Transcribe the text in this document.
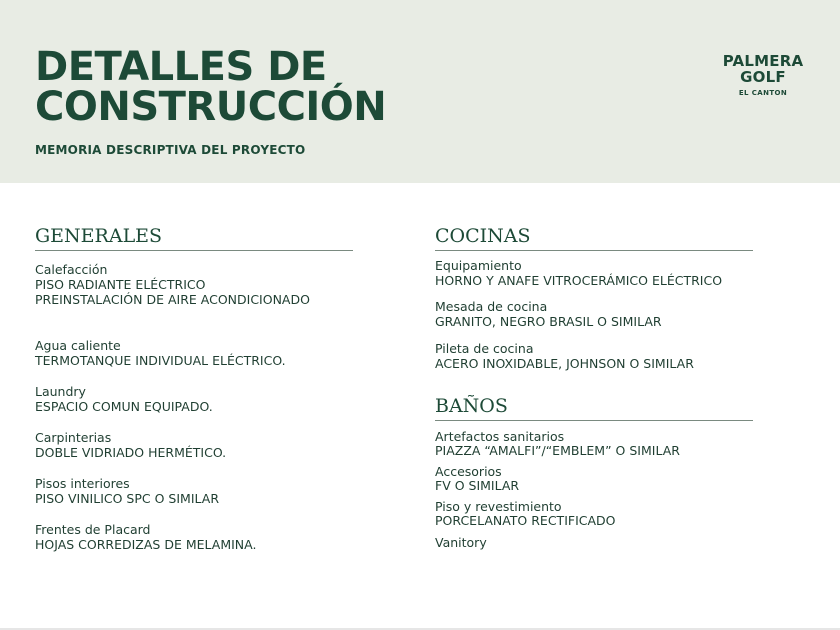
DETALLES DE
CONSTRUCCIÓN
MEMORIA DESCRIPTIVA DEL PROYECTO
PALMERA
GOLF
EL CANTON
GENERALES
Calefacción
PISO RADIANTE ELÉCTRICO
PREINSTALACIÓN DE AIRE ACONDICIONADO
Agua caliente
TERMOTANQUE INDIVIDUAL ELÉCTRICO.
Laundry
ESPACIO COMUN EQUIPADO.
Carpinterias
DOBLE VIDRIADO HERMÉTICO.
Pisos interiores
PISO VINILICO SPC O SIMILAR
Frentes de Placard
HOJAS CORREDIZAS DE MELAMINA.
COCINAS
Equipamiento
HORNO Y ANAFE VITROCERÁMICO ELÉCTRICO
Mesada de cocina
GRANITO, NEGRO BRASIL O SIMILAR
Pileta de cocina
ACERO INOXIDABLE, JOHNSON O SIMILAR
BAÑOS
Artefactos sanitarios
PIAZZA “AMALFI”/“EMBLEM” O SIMILAR
Accesorios
FV O SIMILAR
Piso y revestimiento
PORCELANATO RECTIFICADO
Vanitory
